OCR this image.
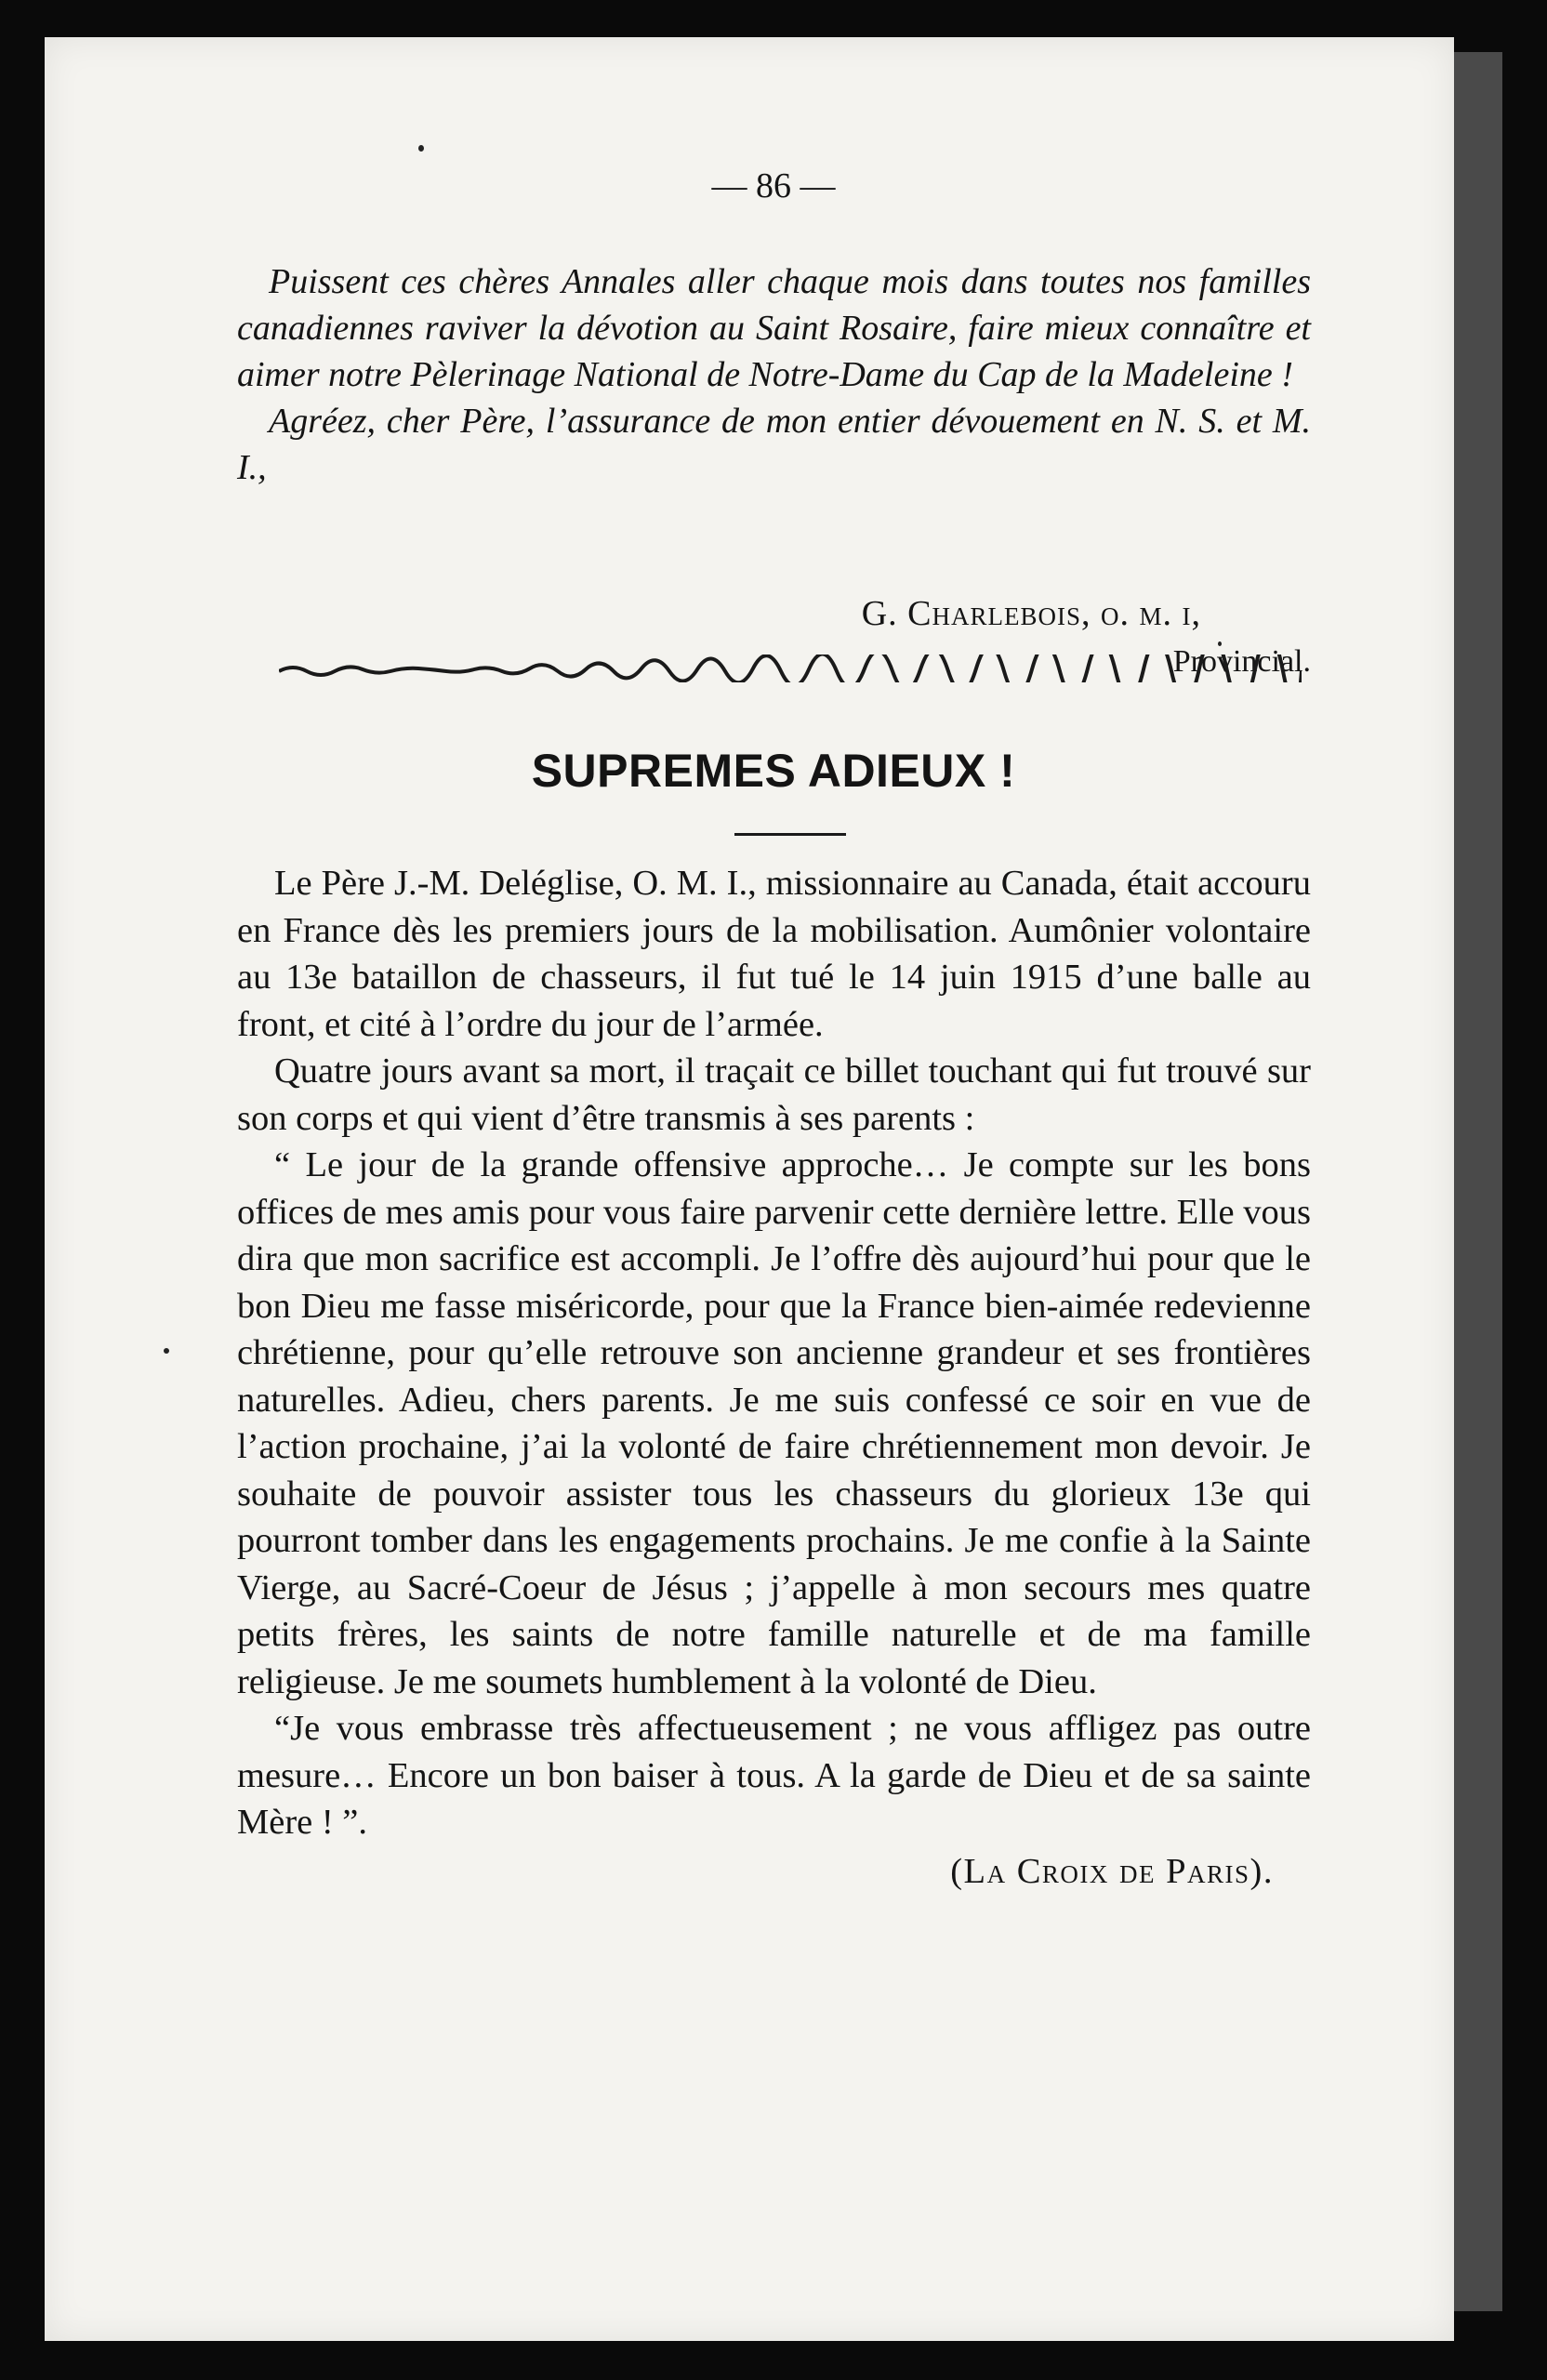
— 86 —

Puissent ces chères Annales aller chaque mois dans toutes nos familles canadiennes raviver la dévotion au Saint Rosaire, faire mieux connaître et aimer notre Pèlerinage National de Notre-Dame du Cap de la Madeleine !

Agréez, cher Père, l’assurance de mon entier dévouement en N. S. et M. I.,

G. Charlebois, o. m. i,
Provincial.
SUPREMES ADIEUX !

Le Père J.-M. Deléglise, O. M. I., missionnaire au Canada, était accouru en France dès les premiers jours de la mobilisation. Aumônier volontaire au 13e bataillon de chasseurs, il fut tué le 14 juin 1915 d’une balle au front, et cité à l’ordre du jour de l’armée.

Quatre jours avant sa mort, il traçait ce billet touchant qui fut trouvé sur son corps et qui vient d’être transmis à ses parents :

“ Le jour de la grande offensive approche… Je compte sur les bons offices de mes amis pour vous faire parvenir cette dernière lettre. Elle vous dira que mon sacrifice est accompli. Je l’offre dès aujourd’hui pour que le bon Dieu me fasse miséricorde, pour que la France bien-aimée redevienne chrétienne, pour qu’elle retrouve son ancienne grandeur et ses frontières naturelles. Adieu, chers parents. Je me suis confessé ce soir en vue de l’action prochaine, j’ai la volonté de faire chrétiennement mon devoir. Je souhaite de pouvoir assister tous les chasseurs du glorieux 13e qui pourront tomber dans les engagements prochains. Je me confie à la Sainte Vierge, au Sacré-Coeur de Jésus ; j’appelle à mon secours mes quatre petits frères, les saints de notre famille naturelle et de ma famille religieuse. Je me soumets humblement à la volonté de Dieu.

“Je vous embrasse très affectueusement ; ne vous affligez pas outre mesure… Encore un bon baiser à tous. A la garde de Dieu et de sa sainte Mère ! ”.

(La Croix de Paris).
